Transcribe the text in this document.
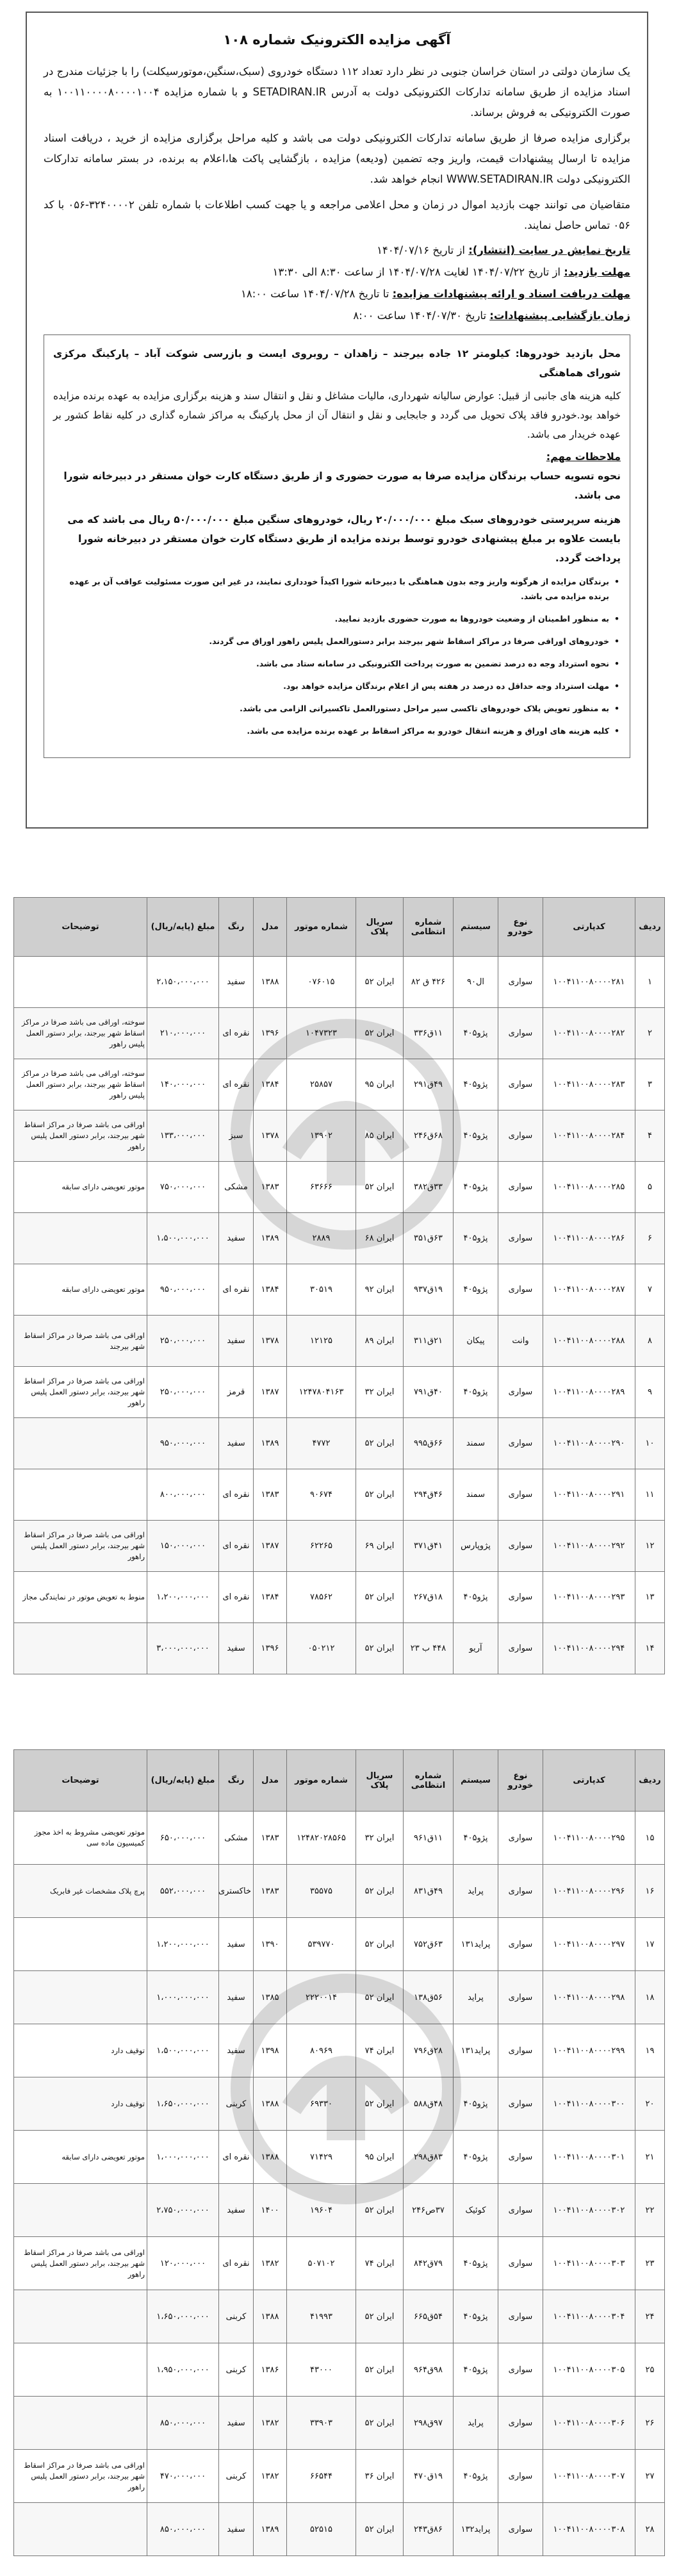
آگهی مزایده الکترونیک شماره ۱۰۸

یک سازمان دولتی در استان خراسان جنوبی در نظر دارد تعداد ۱۱۲ دستگاه خودروی (سبک،سنگین،موتورسیکلت) را با جزئیات مندرج در اسناد مزایده از طریق سامانه تدارکات الکترونیکی دولت به آدرس SETADIRAN.IR و با شماره مزایده ۱۰۰۱۱۰۰۰۰۸۰۰۰۰۱۰۰۴ به صورت الکترونیکی به فروش برساند.

برگزاری مزایده صرفا از طریق سامانه تدارکات الکترونیکی دولت می باشد و کلیه مراحل برگزاری مزایده از خرید ، دریافت اسناد مزایده تا ارسال پیشنهادات قیمت، واریز وجه تضمین (ودیعه) مزایده ، بازگشایی پاکت ها،اعلام به برنده، در بستر سامانه تدارکات الکترونیکی دولت WWW.SETADIRAN.IR انجام خواهد شد.

متقاضیان می توانند جهت بازدید اموال در زمان و محل اعلامی مراجعه و یا جهت کسب اطلاعات با شماره تلفن ۳۲۴۰۰۰۰۲-۰۵۶ با کد ۰۵۶ تماس حاصل نمایند.

تاریخ نمایش در سایت (انتشار): از تاریخ ۱۴۰۴/۰۷/۱۶

مهلت بازدید: از تاریخ ۱۴۰۴/۰۷/۲۲ لغایت ۱۴۰۴/۰۷/۲۸ از ساعت ۸:۳۰ الی ۱۳:۳۰

مهلت دریافت اسناد و ارائه پیشنهادات مزایده: تا تاریخ ۱۴۰۴/۰۷/۲۸ ساعت ۱۸:۰۰

زمان بازگشایی پیشنهادات: تاریخ ۱۴۰۴/۰۷/۳۰ ساعت ۸:۰۰

محل بازدید خودروها: کیلومتر ۱۲ جاده بیرجند – زاهدان – روبروی ایست و بازرسی شوکت آباد – پارکینگ مرکزی شورای هماهنگی

کلیه هزینه های جانبی از قبیل: عوارض سالیانه شهرداری، مالیات مشاغل و نقل و انتقال سند و هزینه برگزاری مزایده به عهده برنده مزایده خواهد بود.خودرو فاقد پلاک تحویل می گردد و جابجایی و نقل و انتقال آن از محل پارکینگ به مراکز شماره گذاری در کلیه نقاط کشور بر عهده خریدار می باشد.

ملاحظات مهم:
نحوه تسویه حساب برندگان مزایده صرفا به صورت حضوری و از طریق دستگاه کارت خوان مستقر در دبیرخانه شورا می باشد.
هزینه سرپرستی خودروهای سبک مبلغ ۲۰/۰۰۰/۰۰۰ ریال، خودروهای سنگین مبلغ ۵۰/۰۰۰/۰۰۰ ریال می باشد که می بایست علاوه بر مبلغ پیشنهادی خودرو توسط برنده مزایده از طریق دستگاه کارت خوان مستقر در دبیرخانه شورا پرداخت گردد.
• برندگان مزایده از هرگونه واریز وجه بدون هماهنگی با دبیرخانه شورا اکیداً خودداری نمایند، در غیر این صورت مسئولیت عواقب آن بر عهده برنده مزایده می باشد.
• به منظور اطمینان از وضعیت خودروها به صورت حضوری بازدید نمایید.
• خودروهای اوراقی صرفا در مراکز اسقاط شهر بیرجند برابر دستورالعمل پلیس راهور اوراق می گردند.
• نحوه استرداد وجه ده درصد تضمین به صورت پرداخت الکترونیکی در سامانه ستاد می باشد.
• مهلت استرداد وجه حداقل ده درصد در هفته پس از اعلام برندگان مزایده خواهد بود.
• به منظور تعویض پلاک خودروهای تاکسی سیر مراحل دستورالعمل تاکسیرانی الزامی می باشد.
• کلیه هزینه های اوراق و هزینه انتقال خودرو به مراکز اسقاط بر عهده برنده مزایده می باشد.
ردیف	کدپارتی	نوع خودرو	سیستم	شماره انتظامی	سریال پلاک	شماره موتور	مدل	رنگ	مبلغ (پایه/ریال)	توضیحات
۱	۱۰۰۴۱۱۰۰۸۰۰۰۰۲۸۱	سواری	ال۹۰	۴۲۶ ق ۸۲	ایران ۵۲	۰۷۶۰۱۵	۱۳۸۸	سفید	۲،۱۵۰،۰۰۰،۰۰۰	
۲	۱۰۰۴۱۱۰۰۸۰۰۰۰۲۸۲	سواری	پژو۴۰۵	۱۱ق۳۳۶	ایران ۵۲	۱۰۴۷۳۲۳	۱۳۹۶	نقره ای	۲۱۰،۰۰۰،۰۰۰	سوخته، اوراقی می باشد صرفا در مراکز اسقاط شهر بیرجند، برابر دستور العمل پلیس راهور
۳	۱۰۰۴۱۱۰۰۸۰۰۰۰۲۸۳	سواری	پژو۴۰۵	۴۹ق۲۹۱	ایران ۹۵	۲۵۸۵۷	۱۳۸۴	نقره ای	۱۴۰،۰۰۰،۰۰۰	سوخته، اوراقی می باشد صرفا در مراکز اسقاط شهر بیرجند، برابر دستور العمل پلیس راهور
۴	۱۰۰۴۱۱۰۰۸۰۰۰۰۲۸۴	سواری	پژو۴۰۵	۶۸ق۲۴۶	ایران ۸۵	۱۳۹۰۲	۱۳۷۸	سبز	۱۳۳،۰۰۰،۰۰۰	اوراقی می باشد صرفا در مراکز اسقاط شهر بیرجند، برابر دستور العمل پلیس راهور
۵	۱۰۰۴۱۱۰۰۸۰۰۰۰۲۸۵	سواری	پژو۴۰۵	۳۳ق۳۸۲	ایران ۵۲	۶۳۶۶۶	۱۳۸۳	مشکی	۷۵۰،۰۰۰،۰۰۰	موتور تعویضی دارای سابقه
۶	۱۰۰۴۱۱۰۰۸۰۰۰۰۲۸۶	سواری	پژو۴۰۵	۶۳ق۳۵۱	ایران ۶۸	۲۸۸۹	۱۳۸۹	سفید	۱،۵۰۰،۰۰۰،۰۰۰	
۷	۱۰۰۴۱۱۰۰۸۰۰۰۰۲۸۷	سواری	پژو۴۰۵	۱۹ق۹۳۷	ایران ۹۲	۳۰۵۱۹	۱۳۸۴	نقره ای	۹۵۰،۰۰۰،۰۰۰	موتور تعویضی دارای سابقه
۸	۱۰۰۴۱۱۰۰۸۰۰۰۰۲۸۸	وانت	پیکان	۲۱ق۳۱۱	ایران ۸۹	۱۲۱۲۵	۱۳۷۸	سفید	۲۵۰،۰۰۰،۰۰۰	اوراقی می باشد صرفا در مراکز اسقاط شهر بیرجند
۹	۱۰۰۴۱۱۰۰۸۰۰۰۰۲۸۹	سواری	پژو۴۰۵	۴۰ق۷۹۱	ایران ۳۲	۱۲۴۷۸۰۴۱۶۳	۱۳۸۷	قرمز	۲۵۰،۰۰۰،۰۰۰	اوراقی می باشد صرفا در مراکز اسقاط شهر بیرجند، برابر دستور العمل پلیس راهور
۱۰	۱۰۰۴۱۱۰۰۸۰۰۰۰۲۹۰	سواری	سمند	۶۶ق۹۹۵	ایران ۵۲	۴۷۷۲	۱۳۸۹	سفید	۹۵۰،۰۰۰،۰۰۰	
۱۱	۱۰۰۴۱۱۰۰۸۰۰۰۰۲۹۱	سواری	سمند	۴۶ق۲۹۴	ایران ۵۲	۹۰۶۷۴	۱۳۸۳	نقره ای	۸۰۰،۰۰۰،۰۰۰	
۱۲	۱۰۰۴۱۱۰۰۸۰۰۰۰۲۹۲	سواری	پژوپارس	۴۱ق۳۷۱	ایران ۶۹	۶۲۲۶۵	۱۳۸۷	نقره ای	۱۵۰،۰۰۰،۰۰۰	اوراقی می باشد صرفا در مراکز اسقاط شهر بیرجند، برابر دستور العمل پلیس راهور
۱۳	۱۰۰۴۱۱۰۰۸۰۰۰۰۲۹۳	سواری	پژو۴۰۵	۱۸ق۲۶۷	ایران ۵۲	۷۸۵۶۲	۱۳۸۴	نقره ای	۱،۲۰۰،۰۰۰،۰۰۰	منوط به تعویض موتور در نمایندگی مجاز
۱۴	۱۰۰۴۱۱۰۰۸۰۰۰۰۲۹۴	سواری	آریو	۴۴۸ ب ۲۳	ایران ۵۲	۰۵۰۲۱۲	۱۳۹۶	سفید	۳،۰۰۰،۰۰۰،۰۰۰	
ردیف	کدپارتی	نوع خودرو	سیستم	شماره انتظامی	سریال پلاک	شماره موتور	مدل	رنگ	مبلغ (پایه/ریال)	توضیحات
۱۵	۱۰۰۴۱۱۰۰۸۰۰۰۰۲۹۵	سواری	پژو۴۰۵	۱۱ق۹۶۱	ایران ۳۲	۱۲۴۸۲۰۲۸۵۶۵	۱۳۸۳	مشکی	۶۵۰،۰۰۰،۰۰۰	موتور تعویضی مشروط به اخذ مجوز کمیسیون ماده سی
۱۶	۱۰۰۴۱۱۰۰۸۰۰۰۰۲۹۶	سواری	پراید	۴۹ق۸۳۱	ایران ۵۲	۳۵۵۷۵	۱۳۸۳	خاکستری	۵۵۲،۰۰۰،۰۰۰	پرچ پلاک مشخصات غیر فابریک
۱۷	۱۰۰۴۱۱۰۰۸۰۰۰۰۲۹۷	سواری	پراید۱۳۱	۶۳ق۷۵۲	ایران ۵۲	۵۳۹۷۷۰	۱۳۹۰	سفید	۱،۲۰۰،۰۰۰،۰۰۰	
۱۸	۱۰۰۴۱۱۰۰۸۰۰۰۰۲۹۸	سواری	پراید	۵۶ق۱۳۸	ایران ۵۲	۲۲۲۰۰۱۴	۱۳۸۵	سفید	۱،۰۰۰،۰۰۰،۰۰۰	
۱۹	۱۰۰۴۱۱۰۰۸۰۰۰۰۲۹۹	سواری	پراید۱۳۱	۲۸ق۷۹۶	ایران ۷۴	۸۰۹۶۹	۱۳۹۸	سفید	۱،۵۰۰،۰۰۰،۰۰۰	توقیف دارد
۲۰	۱۰۰۴۱۱۰۰۸۰۰۰۰۳۰۰	سواری	پژو۴۰۵	۴۸ق۵۸۸	ایران ۵۲	۶۹۳۳۰	۱۳۸۸	کربنی	۱،۶۵۰،۰۰۰،۰۰۰	توقیف دارد
۲۱	۱۰۰۴۱۱۰۰۸۰۰۰۰۳۰۱	سواری	پژو۴۰۵	۸۳ق۲۹۸	ایران ۹۵	۷۱۴۲۹	۱۳۸۸	نقره ای	۱،۰۰۰،۰۰۰،۰۰۰	موتور تعویضی دارای سابقه
۲۲	۱۰۰۴۱۱۰۰۸۰۰۰۰۳۰۲	سواری	کوئیک	۳۷ص۲۴۶	ایران ۵۲	۱۹۶۰۴	۱۴۰۰	سفید	۲،۷۵۰،۰۰۰،۰۰۰	
۲۳	۱۰۰۴۱۱۰۰۸۰۰۰۰۳۰۳	سواری	پژو۴۰۵	۷۹ق۸۴۲	ایران ۷۴	۵۰۷۱۰۲	۱۳۸۲	نقره ای	۱۲۰،۰۰۰،۰۰۰	اوراقی می باشد صرفا در مراکز اسقاط شهر بیرجند، برابر دستور العمل پلیس راهور
۲۴	۱۰۰۴۱۱۰۰۸۰۰۰۰۳۰۴	سواری	پژو۴۰۵	۵۴ق۶۶۵	ایران ۵۲	۴۱۹۹۳	۱۳۸۸	کربنی	۱،۶۵۰،۰۰۰،۰۰۰	
۲۵	۱۰۰۴۱۱۰۰۸۰۰۰۰۳۰۵	سواری	پژو۴۰۵	۹۸ق۹۶۴	ایران ۵۲	۴۳۰۰۰	۱۳۸۶	کربنی	۱،۹۵۰،۰۰۰،۰۰۰	
۲۶	۱۰۰۴۱۱۰۰۸۰۰۰۰۳۰۶	سواری	پراید	۹۷ق۲۹۸	ایران ۵۲	۳۳۹۰۳	۱۳۸۲	سفید	۸۵۰،۰۰۰،۰۰۰	
۲۷	۱۰۰۴۱۱۰۰۸۰۰۰۰۳۰۷	سواری	پژو۴۰۵	۱۹ق۴۷۰	ایران ۳۶	۶۶۵۴۴	۱۳۸۲	کربنی	۴۷۰،۰۰۰،۰۰۰	اوراقی می باشد صرفا در مراکز اسقاط شهر بیرجند، برابر دستور العمل پلیس راهور
۲۸	۱۰۰۴۱۱۰۰۸۰۰۰۰۳۰۸	سواری	پراید۱۳۲	۸۶ق۲۴۳	ایران ۵۲	۵۲۵۱۵	۱۳۸۹	سفید	۸۵۰،۰۰۰،۰۰۰	
